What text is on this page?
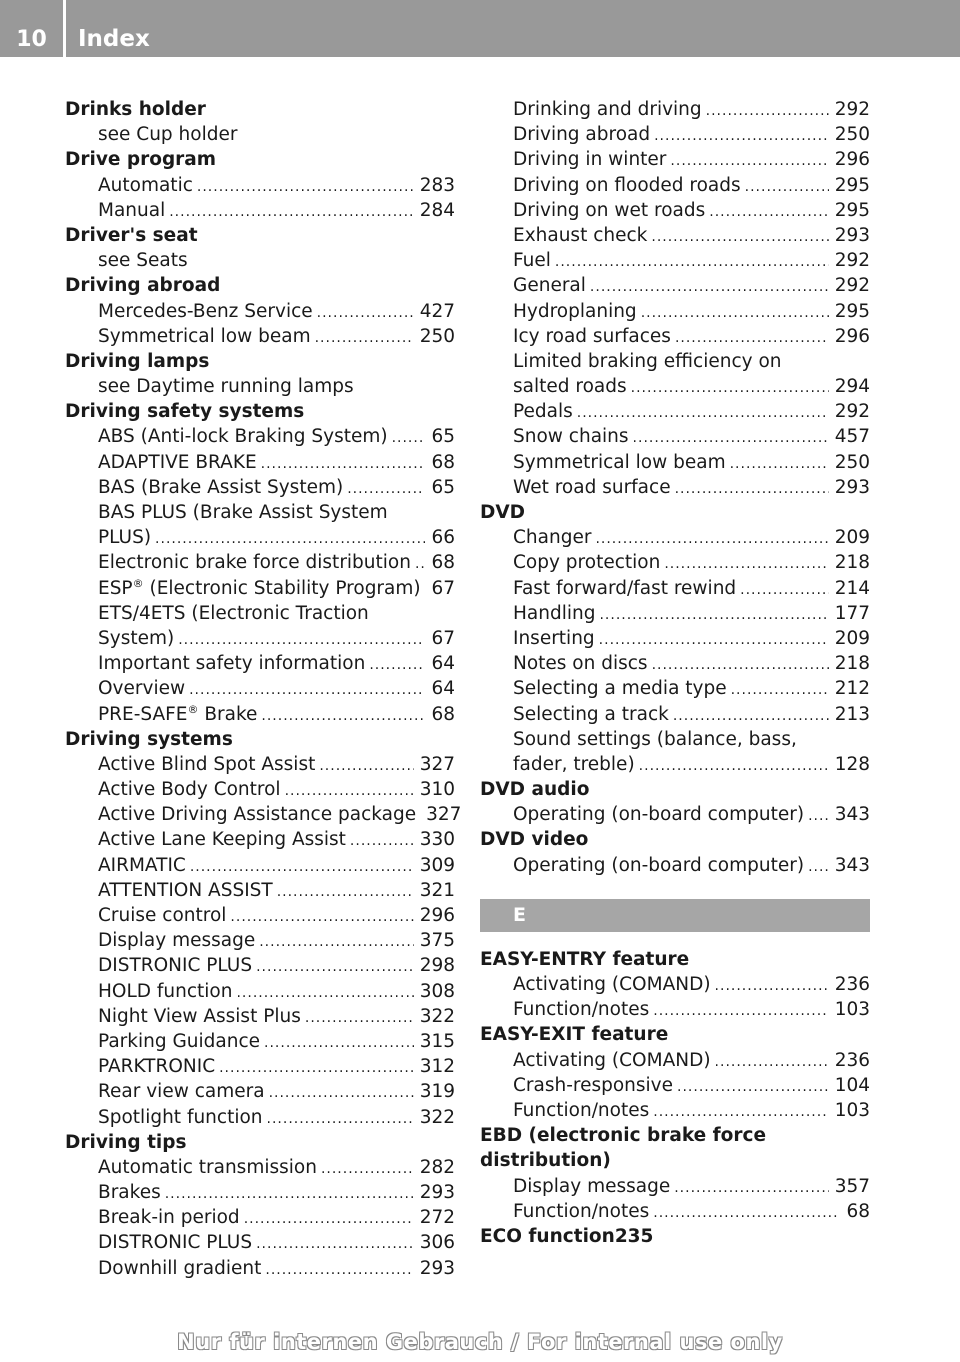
10	Index
Drinks holder
see Cup holder
Drive program
Automatic .....	283
Manual .....	284
Driver's seat
see Seats
Driving abroad
Mercedes-Benz Service .....	427
Symmetrical low beam .....	250
Driving lamps
see Daytime running lamps
Driving safety systems
ABS (Anti-lock Braking System) ..... 65
ADAPTIVE BRAKE .....	68
BAS (Brake Assist System) .....	65
BAS PLUS (Brake Assist System
PLUS) .....	66
Electronic brake force distribution ..... 68
ESP® (Electronic Stability Program) ..... 67
ETS/4ETS (Electronic Traction
System) .....	67
Important safety information .....	64
Overview .....	64
PRE-SAFE® Brake .....	68
Driving systems
Active Blind Spot Assist .....	327
Active Body Control .....	310
Active Driving Assistance package 327
Active Lane Keeping Assist .....	330
AIRMATIC .....	309
ATTENTION ASSIST .....	321
Cruise control .....	296
Display message .....	375
DISTRONIC PLUS .....	298
HOLD function .....	308
Night View Assist Plus .....	322
Parking Guidance .....	315
PARKTRONIC .....	312
Rear view camera .....	319
Spotlight function .....	322
Driving tips
Automatic transmission .....	282
Brakes .....	293
Break-in period .....	272
DISTRONIC PLUS .....	306
Downhill gradient .....	293
Drinking and driving .....	292
Driving abroad .....	250
Driving in winter .....	296
Driving on flooded roads .....	295
Driving on wet roads .....	295
Exhaust check .....	293
Fuel .....	292
General .....	292
Hydroplaning .....	295
Icy road surfaces .....	296
Limited braking efficiency on
salted roads .....	294
Pedals .....	292
Snow chains .....	457
Symmetrical low beam .....	250
Wet road surface .....	293
DVD
Changer .....	209
Copy protection .....	218
Fast forward/fast rewind .....	214
Handling .....	177
Inserting .....	209
Notes on discs .....	218
Selecting a media type .....	212
Selecting a track .....	213
Sound settings (balance, bass,
fader, treble) .....	128
DVD audio
Operating (on-board computer) ..... 343
DVD video
Operating (on-board computer) ..... 343
E
EASY-ENTRY feature
Activating (COMAND) .....	236
Function/notes .....	103
EASY-EXIT feature
Activating (COMAND) .....	236
Crash-responsive .....	104
Function/notes .....	103
EBD (electronic brake force
distribution)
Display message .....	357
Function/notes .....	68
ECO function 235
Nur für internen Gebrauch / For internal use only
